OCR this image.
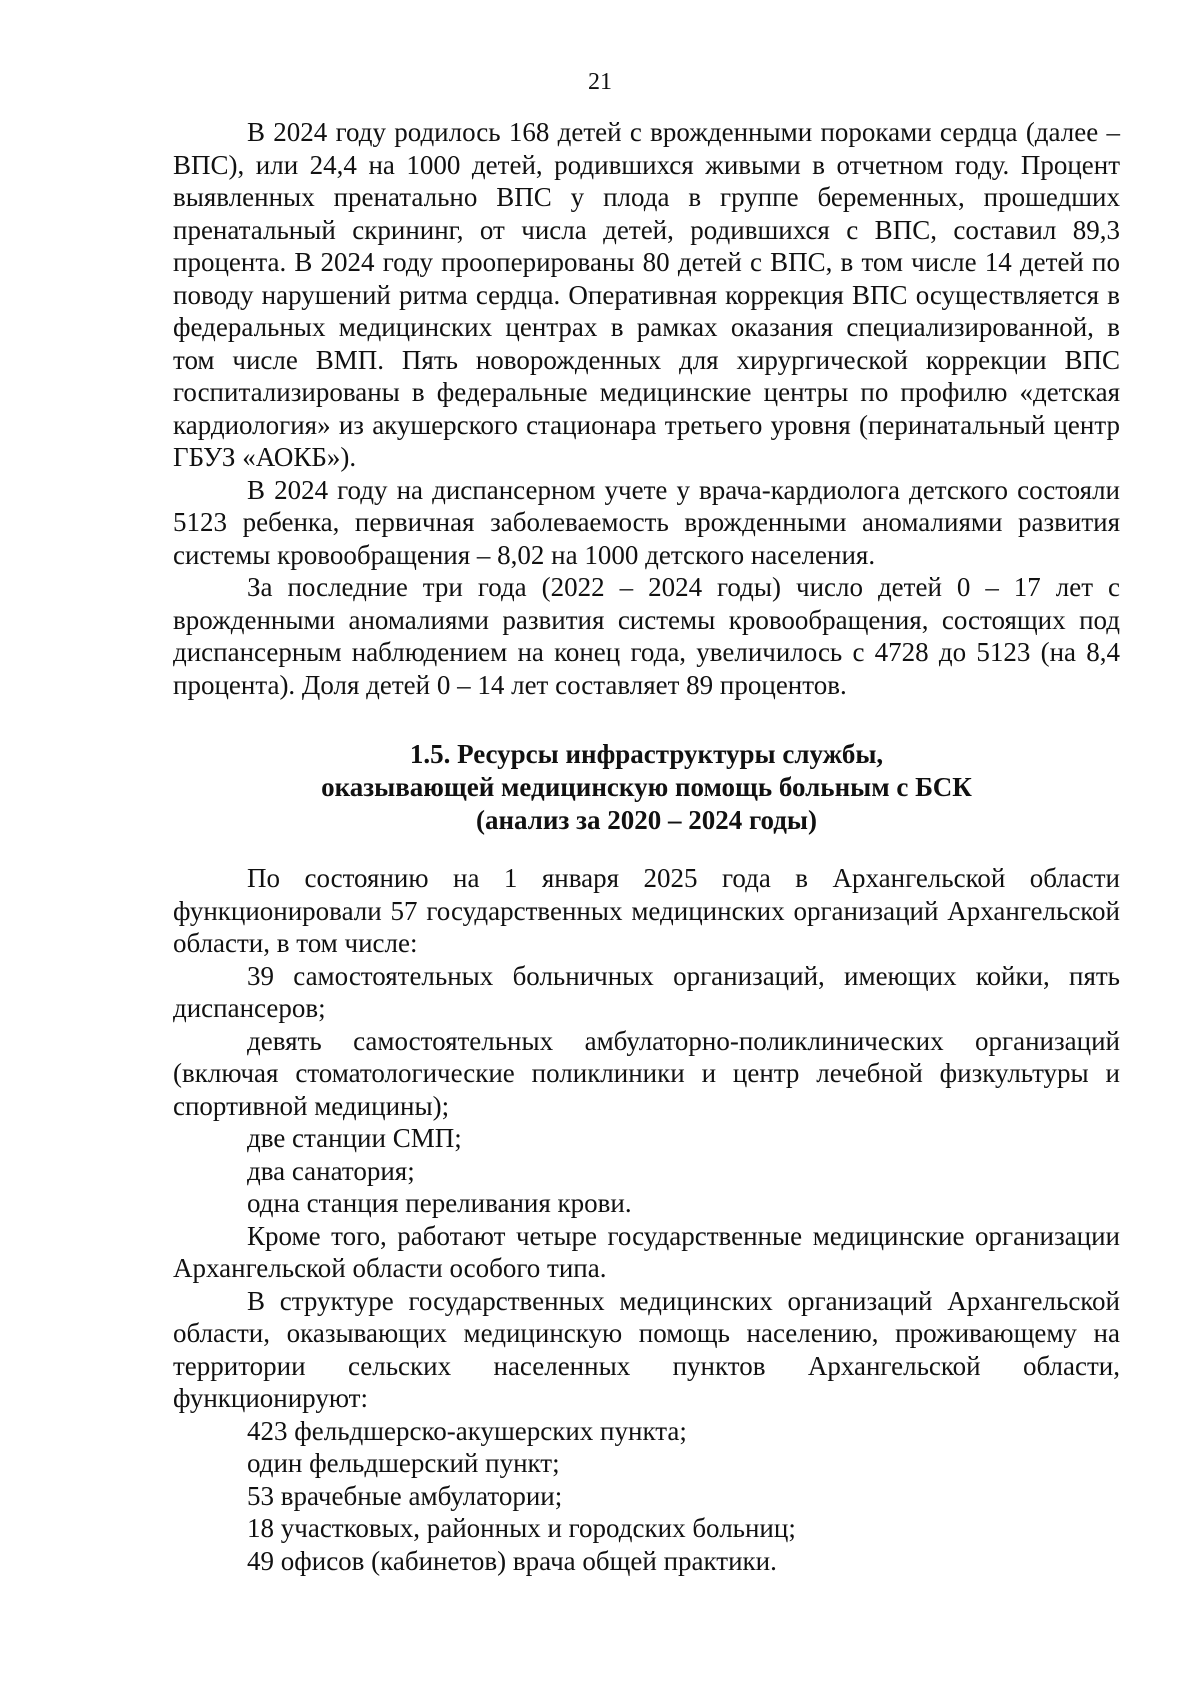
21

В 2024 году родилось 168 детей с врожденными пороками сердца (далее – ВПС), или 24,4 на 1000 детей, родившихся живыми в отчетном году. Процент выявленных пренатально ВПС у плода в группе беременных, прошедших пренатальный скрининг, от числа детей, родившихся с ВПС, составил 89,3 процента. В 2024 году прооперированы 80 детей с ВПС, в том числе 14 детей по поводу нарушений ритма сердца. Оперативная коррекция ВПС осуществляется в федеральных медицинских центрах в рамках оказания специализированной, в том числе ВМП. Пять новорожденных для хирургической коррекции ВПС госпитализированы в федеральные медицинские центры по профилю «детская кардиология» из акушерского стационара третьего уровня (перинатальный центр ГБУЗ «АОКБ»).

В 2024 году на диспансерном учете у врача-кардиолога детского состояли 5123 ребенка, первичная заболеваемость врожденными аномалиями развития системы кровообращения – 8,02 на 1000 детского населения.

За последние три года (2022 – 2024 годы) число детей 0 – 17 лет с врожденными аномалиями развития системы кровообращения, состоящих под диспансерным наблюдением на конец года, увеличилось с 4728 до 5123 (на 8,4 процента). Доля детей 0 – 14 лет составляет 89 процентов.

1.5. Ресурсы инфраструктуры службы,
оказывающей медицинскую помощь больным с БСК
(анализ за 2020 – 2024 годы)

По состоянию на 1 января 2025 года в Архангельской области функционировали 57 государственных медицинских организаций Архангельской области, в том числе:

39 самостоятельных больничных организаций, имеющих койки, пять диспансеров;

девять самостоятельных амбулаторно-поликлинических организаций (включая стоматологические поликлиники и центр лечебной физкультуры и спортивной медицины);

две станции СМП;

два санатория;

одна станция переливания крови.

Кроме того, работают четыре государственные медицинские организации Архангельской области особого типа.

В структуре государственных медицинских организаций Архангельской области, оказывающих медицинскую помощь населению, проживающему на территории сельских населенных пунктов Архангельской области, функционируют:

423 фельдшерско-акушерских пункта;

один фельдшерский пункт;

53 врачебные амбулатории;

18 участковых, районных и городских больниц;

49 офисов (кабинетов) врача общей практики.
